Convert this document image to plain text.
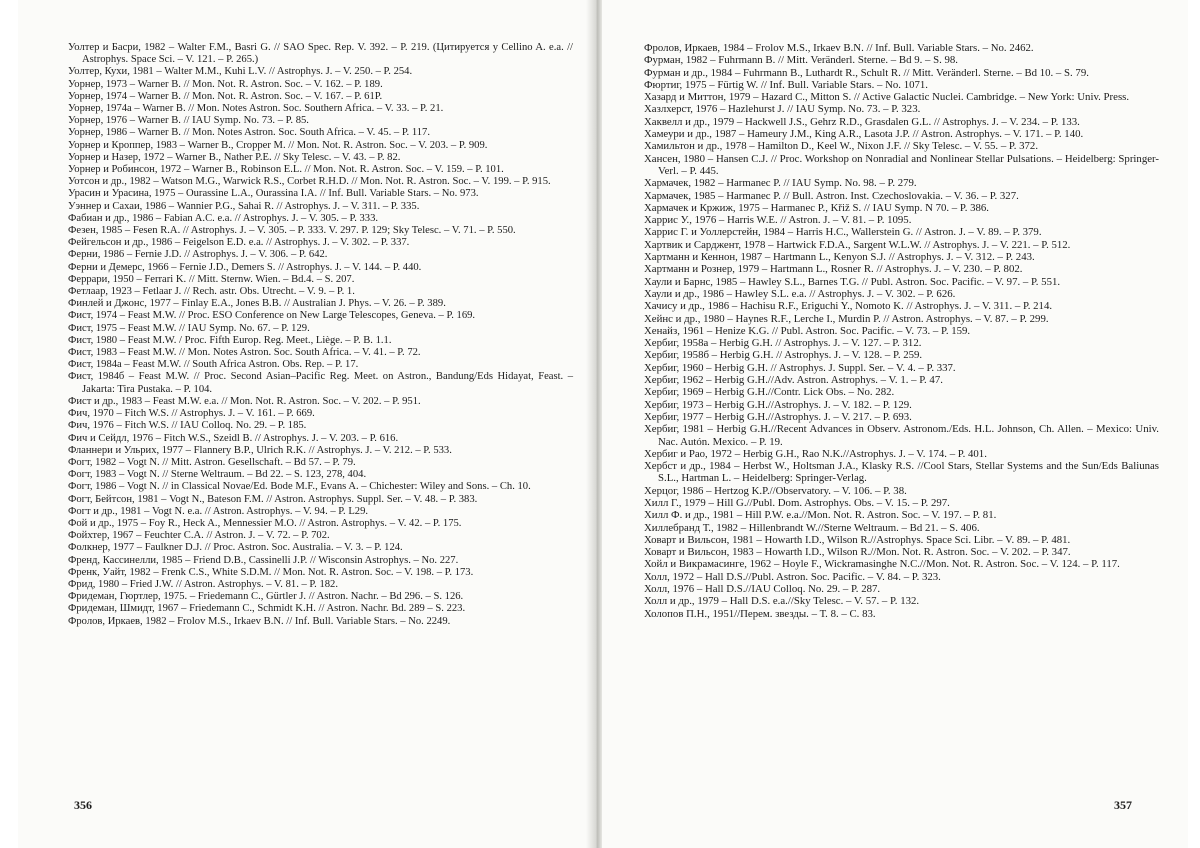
Уолтер и Басри, 1982 – Walter F.M., Basri G. // SAO Spec. Rep. V. 392. – P. 219. (Цитируется у Cellino A. e.a. // Astrophys. Space Sci. – V. 121. – P. 265.)
Уолтер, Кухи, 1981 – Walter M.M., Kuhi L.V. // Astrophys. J. – V. 250. – P. 254.
Уорнер, 1973 – Warner B. // Mon. Not. R. Astron. Soc. – V. 162. – P. 189.
Уорнер, 1974 – Warner B. // Mon. Not. R. Astron. Soc. – V. 167. – P. 61P.
Уорнер, 1974а – Warner B. // Mon. Notes Astron. Soc. Southern Africa. – V. 33. – P. 21.
Уорнер, 1976 – Warner B. // IAU Symp. No. 73. – P. 85.
Уорнер, 1986 – Warner B. // Mon. Notes Astron. Soc. South Africa. – V. 45. – P. 117.
Уорнер и Кроппер, 1983 – Warner B., Cropper M. // Mon. Not. R. Astron. Soc. – V. 203. – P. 909.
Уорнер и Назер, 1972 – Warner B., Nather P.E. // Sky Telesc. – V. 43. – P. 82.
Уорнер и Робинсон, 1972 – Warner B., Robinson E.L. // Mon. Not. R. Astron. Soc. – V. 159. – P. 101.
Уотсон и др., 1982 – Watson M.G., Warwick R.S., Corbet R.H.D. // Mon. Not. R. Astron. Soc. – V. 199. – P. 915.
Урасин и Урасина, 1975 – Ourassine L.A., Ourassina I.A. // Inf. Bull. Variable Stars. – No. 973.
Уэннер и Сахаи, 1986 – Wannier P.G., Sahai R. // Astrophys. J. – V. 311. – P. 335.
Фабиан и др., 1986 – Fabian A.C. e.a. // Astrophys. J. – V. 305. – P. 333.
Фезен, 1985 – Fesen R.A. // Astrophys. J. – V. 305. – P. 333. V. 297. P. 129; Sky Telesc. – V. 71. – P. 550.
Фейгельсон и др., 1986 – Feigelson E.D. e.a. // Astrophys. J. – V. 302. – P. 337.
Ферни, 1986 – Fernie J.D. // Astrophys. J. – V. 306. – P. 642.
Ферни и Демерс, 1966 – Fernie J.D., Demers S. // Astrophys. J. – V. 144. – P. 440.
Феррари, 1950 – Ferrari K. // Mitt. Sternw. Wien. – Bd.4. – S. 207.
Фетлаар, 1923 – Fetlaar J. // Rech. astr. Obs. Utrecht. – V. 9. – P. 1.
Финлей и Джонс, 1977 – Finlay E.A., Jones B.B. // Australian J. Phys. – V. 26. – P. 389.
Фист, 1974 – Feast M.W. // Proc. ESO Conference on New Large Telescopes, Geneva. – P. 169.
Фист, 1975 – Feast M.W. // IAU Symp. No. 67. – P. 129.
Фист, 1980 – Feast M.W. / Proc. Fifth Europ. Reg. Meet., Liège. – P. B. 1.1.
Фист, 1983 – Feast M.W. // Mon. Notes Astron. Soc. South Africa. – V. 41. – P. 72.
Фист, 1984а – Feast M.W. // South Africa Astron. Obs. Rep. – P. 17.
Фист, 1984б – Feast M.W. // Proc. Second Asian–Pacific Reg. Meet. on Astron., Bandung/Eds Hidayat, Feast. – Jakarta: Tira Pustaka. – P. 104.
Фист и др., 1983 – Feast M.W. e.a. // Mon. Not. R. Astron. Soc. – V. 202. – P. 951.
Фич, 1970 – Fitch W.S. // Astrophys. J. – V. 161. – P. 669.
Фич, 1976 – Fitch W.S. // IAU Colloq. No. 29. – P. 185.
Фич и Сейдл, 1976 – Fitch W.S., Szeidl B. // Astrophys. J. – V. 203. – P. 616.
Фланнери и Ульрих, 1977 – Flannery B.P., Ulrich R.K. // Astrophys. J. – V. 212. – P. 533.
Фогт, 1982 – Vogt N. // Mitt. Astron. Gesellschaft. – Bd 57. – P. 79.
Фогт, 1983 – Vogt N. // Sterne Weltraum. – Bd 22. – S. 123, 278, 404.
Фогт, 1986 – Vogt N. // in Classical Novae/Ed. Bode M.F., Evans A. – Chichester: Wiley and Sons. – Ch. 10.
Фогт, Бейтсон, 1981 – Vogt N., Bateson F.M. // Astron. Astrophys. Suppl. Ser. – V. 48. – P. 383.
Фогт и др., 1981 – Vogt N. e.a. // Astron. Astrophys. – V. 94. – P. L29.
Фой и др., 1975 – Foy R., Heck A., Mennessier M.O. // Astron. Astrophys. – V. 42. – P. 175.
Фойхтер, 1967 – Feuchter C.A. // Astron. J. – V. 72. – P. 702.
Фолкнер, 1977 – Faulkner D.J. // Proc. Astron. Soc. Australia. – V. 3. – P. 124.
Френд, Кассинелли, 1985 – Friend D.B., Cassinelli J.P. // Wisconsin Astrophys. – No. 227.
Френк, Уайт, 1982 – Frenk C.S., White S.D.M. // Mon. Not. R. Astron. Soc. – V. 198. – P. 173.
Фрид, 1980 – Fried J.W. // Astron. Astrophys. – V. 81. – P. 182.
Фридеман, Гюртлер, 1975. – Friedemann C., Gürtler J. // Astron. Nachr. – Bd 296. – S. 126.
Фридеман, Шмидт, 1967 – Friedemann C., Schmidt K.H. // Astron. Nachr. Bd. 289 – S. 223.
Фролов, Иркаев, 1982 – Frolov M.S., Irkaev B.N. // Inf. Bull. Variable Stars. – No. 2249.
356
Фролов, Иркаев, 1984 – Frolov M.S., Irkaev B.N. // Inf. Bull. Variable Stars. – No. 2462.
Фурман, 1982 – Fuhrmann B. // Mitt. Veränderl. Sterne. – Bd 9. – S. 98.
Фурман и др., 1984 – Fuhrmann B., Luthardt R., Schult R. // Mitt. Veränderl. Sterne. – Bd 10. – S. 79.
Фюртиг, 1975 – Fürtig W. // Inf. Bull. Variable Stars. – No. 1071.
Хазард и Миттон, 1979 – Hazard C., Mitton S. // Active Galactic Nuclei. Cambridge. – New York: Univ. Press.
Хазлхерст, 1976 – Hazlehurst J. // IAU Symp. No. 73. – P. 323.
Хаквелл и др., 1979 – Hackwell J.S., Gehrz R.D., Grasdalen G.L. // Astrophys. J. – V. 234. – P. 133.
Хамеури и др., 1987 – Hameury J.M., King A.R., Lasota J.P. // Astron. Astrophys. – V. 171. – P. 140.
Хамильтон и др., 1978 – Hamilton D., Keel W., Nixon J.F. // Sky Telesc. – V. 55. – P. 372.
Хансен, 1980 – Hansen C.J. // Proc. Workshop on Nonradial and Nonlinear Stellar Pulsations. – Heidelberg: Springer-Verl. – P. 445.
Хармачек, 1982 – Harmanec P. // IAU Symp. No. 98. – P. 279.
Хармачек, 1985 – Harmanec P. // Bull. Astron. Inst. Czechoslovakia. – V. 36. – P. 327.
Хармачек и Кржиж, 1975 – Harmanec P., Křiž S. // IAU Symp. N 70. – P. 386.
Харрис У., 1976 – Harris W.E. // Astron. J. – V. 81. – P. 1095.
Харрис Г. и Уоллерстейн, 1984 – Harris H.C., Wallerstein G. // Astron. J. – V. 89. – P. 379.
Хартвик и Сарджент, 1978 – Hartwick F.D.A., Sargent W.L.W. // Astrophys. J. – V. 221. – P. 512.
Хартманн и Кеннон, 1987 – Hartmann L., Kenyon S.J. // Astrophys. J. – V. 312. – P. 243.
Хартманн и Рознер, 1979 – Hartmann L., Rosner R. // Astrophys. J. – V. 230. – P. 802.
Хаули и Барнс, 1985 – Hawley S.L., Barnes T.G. // Publ. Astron. Soc. Pacific. – V. 97. – P. 551.
Хаули и др., 1986 – Hawley S.L. e.a. // Astrophys. J. – V. 302. – P. 626.
Хачису и др., 1986 – Hachisu R.F., Eriguchi Y., Nomoto K. // Astrophys. J. – V. 311. – P. 214.
Хейнс и др., 1980 – Haynes R.F., Lerche I., Murdin P. // Astron. Astrophys. – V. 87. – P. 299.
Хенайз, 1961 – Henize K.G. // Publ. Astron. Soc. Pacific. – V. 73. – P. 159.
Хербиг, 1958а – Herbig G.H. // Astrophys. J. – V. 127. – P. 312.
Хербиг, 1958б – Herbig G.H. // Astrophys. J. – V. 128. – P. 259.
Хербиг, 1960 – Herbig G.H. // Astrophys. J. Suppl. Ser. – V. 4. – P. 337.
Хербиг, 1962 – Herbig G.H.//Adv. Astron. Astrophys. – V. 1. – P. 47.
Хербиг, 1969 – Herbig G.H.//Contr. Lick Obs. – No. 282.
Хербиг, 1973 – Herbig G.H.//Astrophys. J. – V. 182. – P. 129.
Хербиг, 1977 – Herbig G.H.//Astrophys. J. – V. 217. – P. 693.
Хербиг, 1981 – Herbig G.H.//Recent Advances in Observ. Astronom./Eds. H.L. Johnson, Ch. Allen. – Mexico: Univ. Nac. Autón. Mexico. – P. 19.
Хербиг и Рао, 1972 – Herbig G.H., Rao N.K.//Astrophys. J. – V. 174. – P. 401.
Хербст и др., 1984 – Herbst W., Holtsman J.A., Klasky R.S. //Cool Stars, Stellar Systems and the Sun/Eds Baliunas S.L., Hartman L. – Heidelberg: Springer-Verlag.
Херцог, 1986 – Hertzog K.P.//Observatory. – V. 106. – P. 38.
Хилл Г., 1979 – Hill G.//Publ. Dom. Astrophys. Obs. – V. 15. – P. 297.
Хилл Ф. и др., 1981 – Hill P.W. e.a.//Mon. Not. R. Astron. Soc. – V. 197. – P. 81.
Хиллебранд Т., 1982 – Hillenbrandt W.//Sterne Weltraum. – Bd 21. – S. 406.
Ховарт и Вильсон, 1981 – Howarth I.D., Wilson R.//Astrophys. Space Sci. Libr. – V. 89. – P. 481.
Ховарт и Вильсон, 1983 – Howarth I.D., Wilson R.//Mon. Not. R. Astron. Soc. – V. 202. – P. 347.
Хойл и Викрамасинге, 1962 – Hoyle F., Wickramasinghe N.C.//Mon. Not. R. Astron. Soc. – V. 124. – P. 117.
Холл, 1972 – Hall D.S.//Publ. Astron. Soc. Pacific. – V. 84. – P. 323.
Холл, 1976 – Hall D.S.//IAU Colloq. No. 29. – P. 287.
Холл и др., 1979 – Hall D.S. e.a.//Sky Telesc. – V. 57. – P. 132.
Холопов П.Н., 1951//Перем. звезды. – Т. 8. – С. 83.
357
